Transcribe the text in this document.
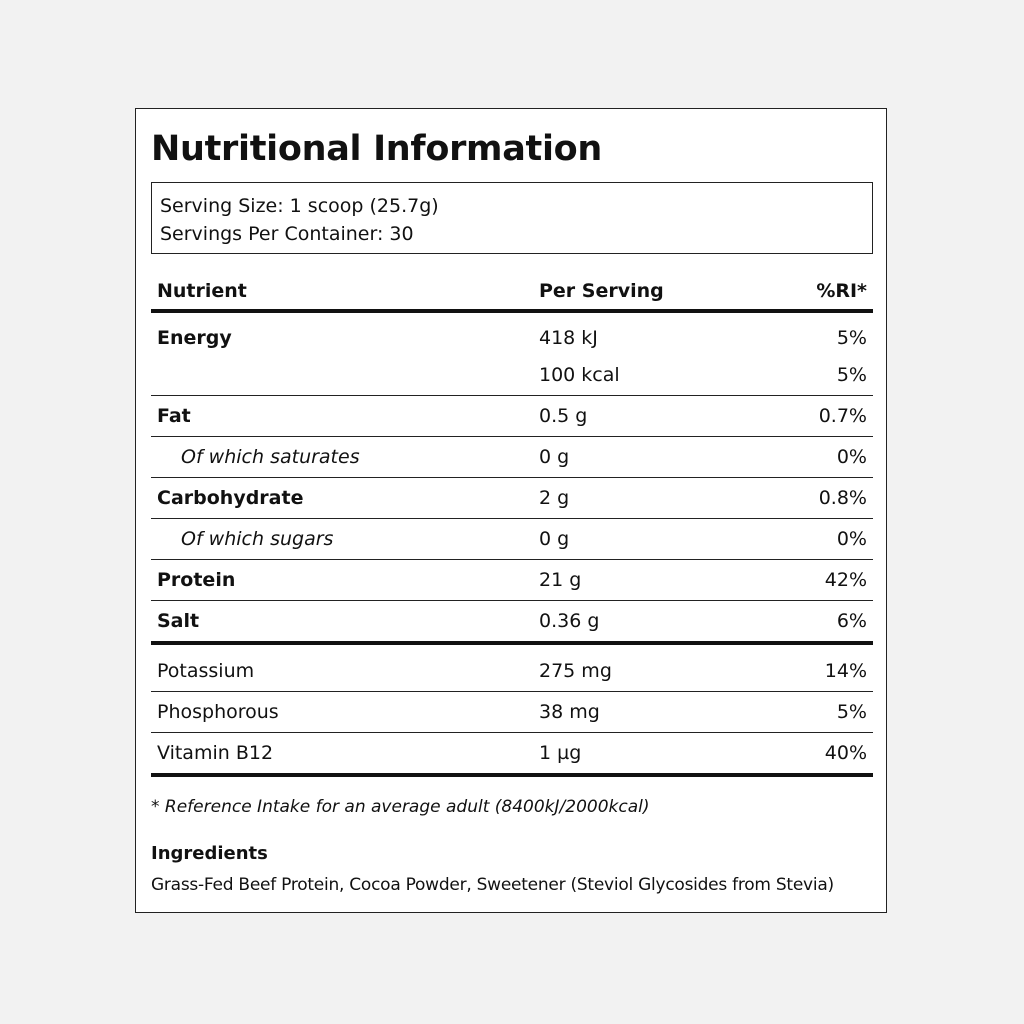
Nutritional Information
Serving Size: 1 scoop (25.7g)
Servings Per Container: 30
Nutrient	Per Serving	%RI*
Energy	418 kJ	5%
	100 kcal	5%
Fat	0.5 g	0.7%
Of which saturates	0 g	0%
Carbohydrate	2 g	0.8%
Of which sugars	0 g	0%
Protein	21 g	42%
Salt	0.36 g	6%
Potassium	275 mg	14%
Phosphorous	38 mg	5%
Vitamin B12	1 µg	40%
* Reference Intake for an average adult (8400kJ/2000kcal)
Ingredients
Grass-Fed Beef Protein, Cocoa Powder, Sweetener (Steviol Glycosides from Stevia)
